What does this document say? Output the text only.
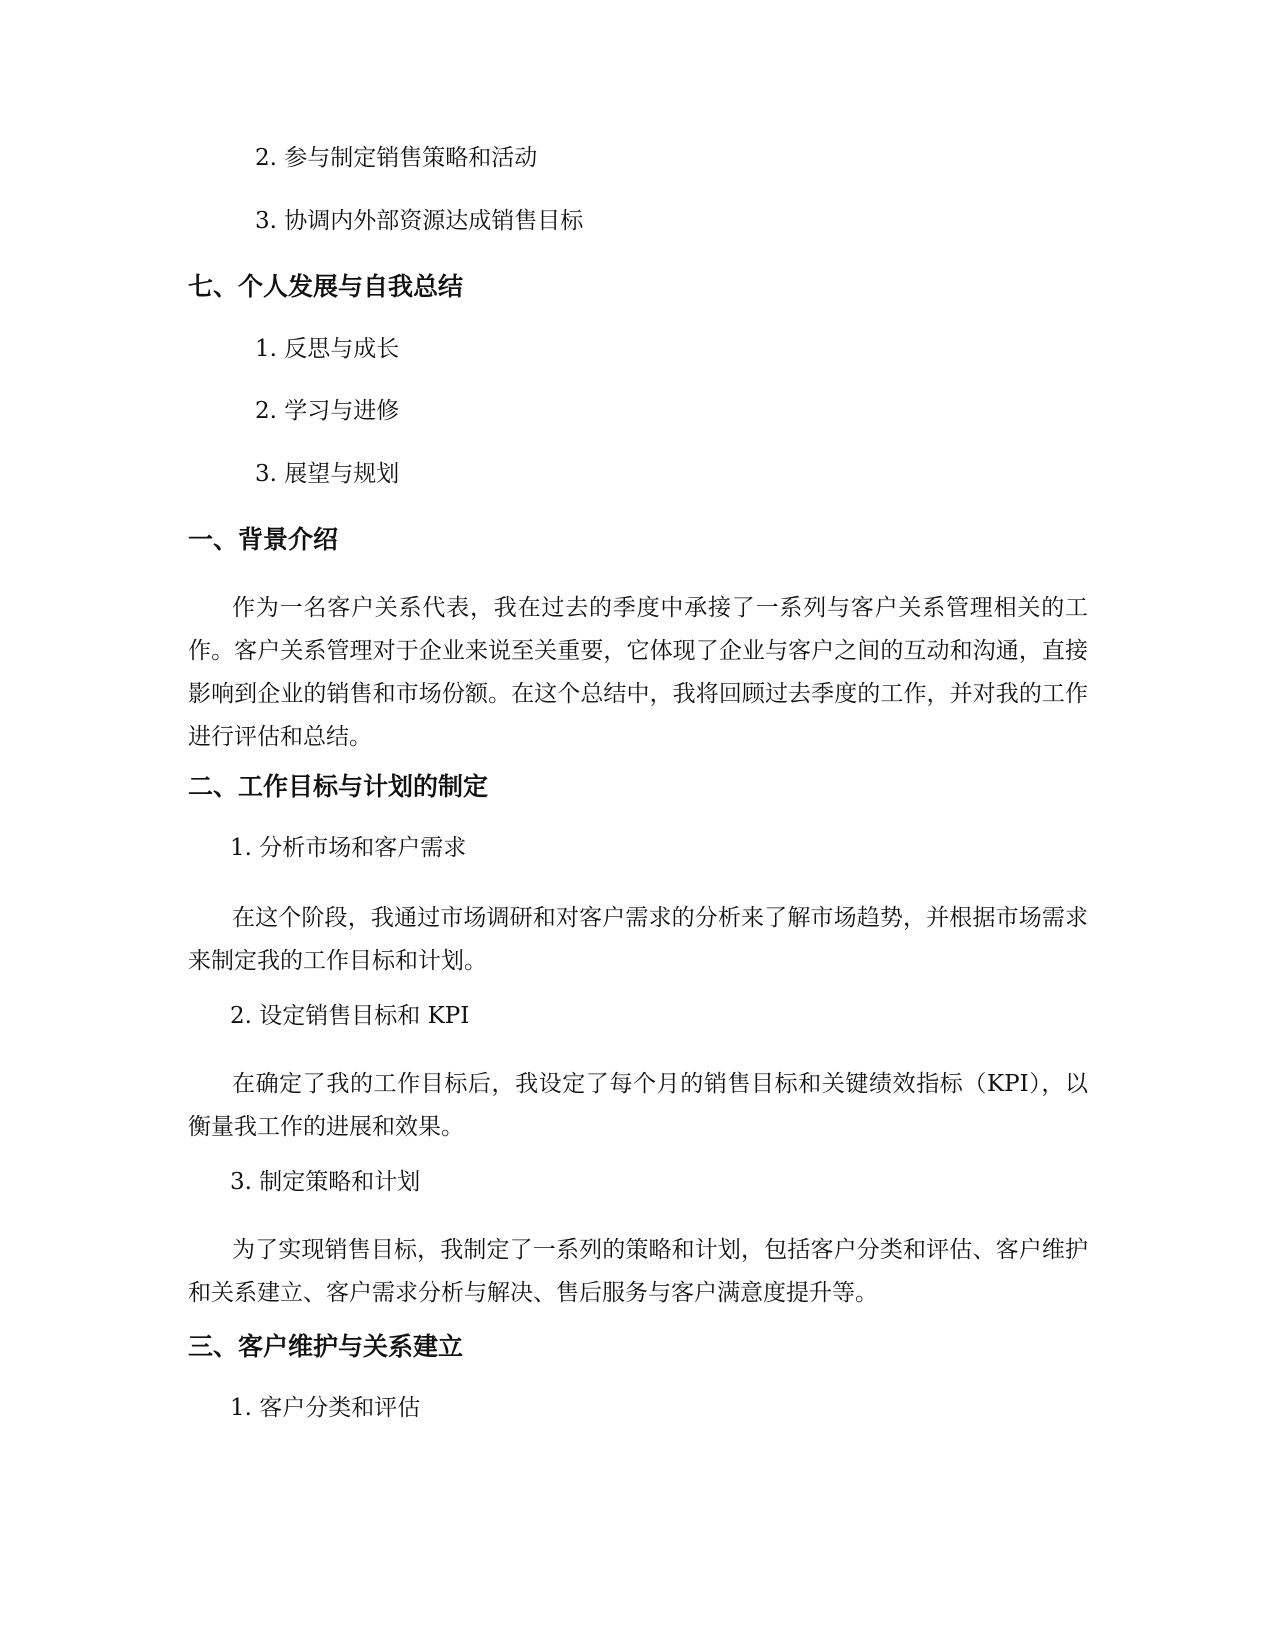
2. 参与制定销售策略和活动

3. 协调内外部资源达成销售目标

七、个人发展与自我总结

1. 反思与成长

2. 学习与进修

3. 展望与规划

一、背景介绍

作为一名客户关系代表，我在过去的季度中承接了一系列与客户关系管理相关的工作。客户关系管理对于企业来说至关重要，它体现了企业与客户之间的互动和沟通，直接影响到企业的销售和市场份额。在这个总结中，我将回顾过去季度的工作，并对我的工作进行评估和总结。

二、工作目标与计划的制定

1. 分析市场和客户需求

在这个阶段，我通过市场调研和对客户需求的分析来了解市场趋势，并根据市场需求来制定我的工作目标和计划。

2. 设定销售目标和 KPI

在确定了我的工作目标后，我设定了每个月的销售目标和关键绩效指标（KPI），以衡量我工作的进展和效果。

3. 制定策略和计划

为了实现销售目标，我制定了一系列的策略和计划，包括客户分类和评估、客户维护和关系建立、客户需求分析与解决、售后服务与客户满意度提升等。

三、客户维护与关系建立

1. 客户分类和评估
